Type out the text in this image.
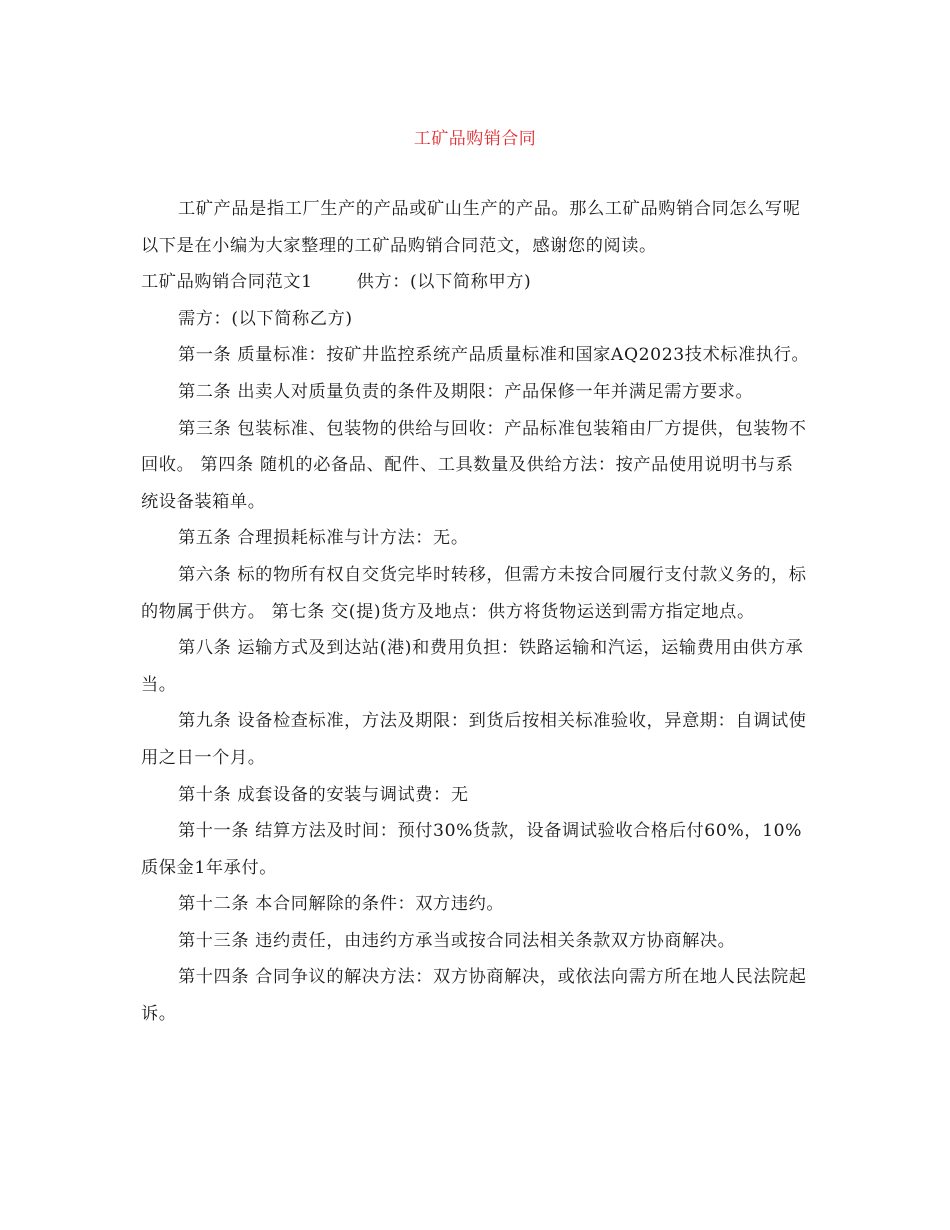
工矿品购销合同

工矿产品是指工厂生产的产品或矿山生产的产品。那么工矿品购销合同怎么写呢以下是在小编为大家整理的工矿品购销合同范文，感谢您的阅读。

工矿品购销合同范文1	供方：(以下简称甲方)

需方：(以下简称乙方)

第一条 质量标准：按矿井监控系统产品质量标准和国家AQ2023技术标准执行。

第二条 出卖人对质量负责的条件及期限：产品保修一年并满足需方要求。

第三条 包装标准、包装物的供给与回收：产品标准包装箱由厂方提供，包装物不回收。 第四条 随机的必备品、配件、工具数量及供给方法：按产品使用说明书与系统设备装箱单。

第五条 合理损耗标准与计方法：无。

第六条 标的物所有权自交货完毕时转移，但需方未按合同履行支付款义务的，标的物属于供方。 第七条 交(提)货方及地点：供方将货物运送到需方指定地点。

第八条 运输方式及到达站(港)和费用负担：铁路运输和汽运，运输费用由供方承当。

第九条 设备检查标准，方法及期限：到货后按相关标准验收，异意期：自调试使用之日一个月。

第十条 成套设备的安装与调试费：无

第十一条 结算方法及时间：预付30%货款，设备调试验收合格后付60%，10%质保金1年承付。

第十二条 本合同解除的条件：双方违约。

第十三条 违约责任，由违约方承当或按合同法相关条款双方协商解决。

第十四条 合同争议的解决方法：双方协商解决，或依法向需方所在地人民法院起诉。
